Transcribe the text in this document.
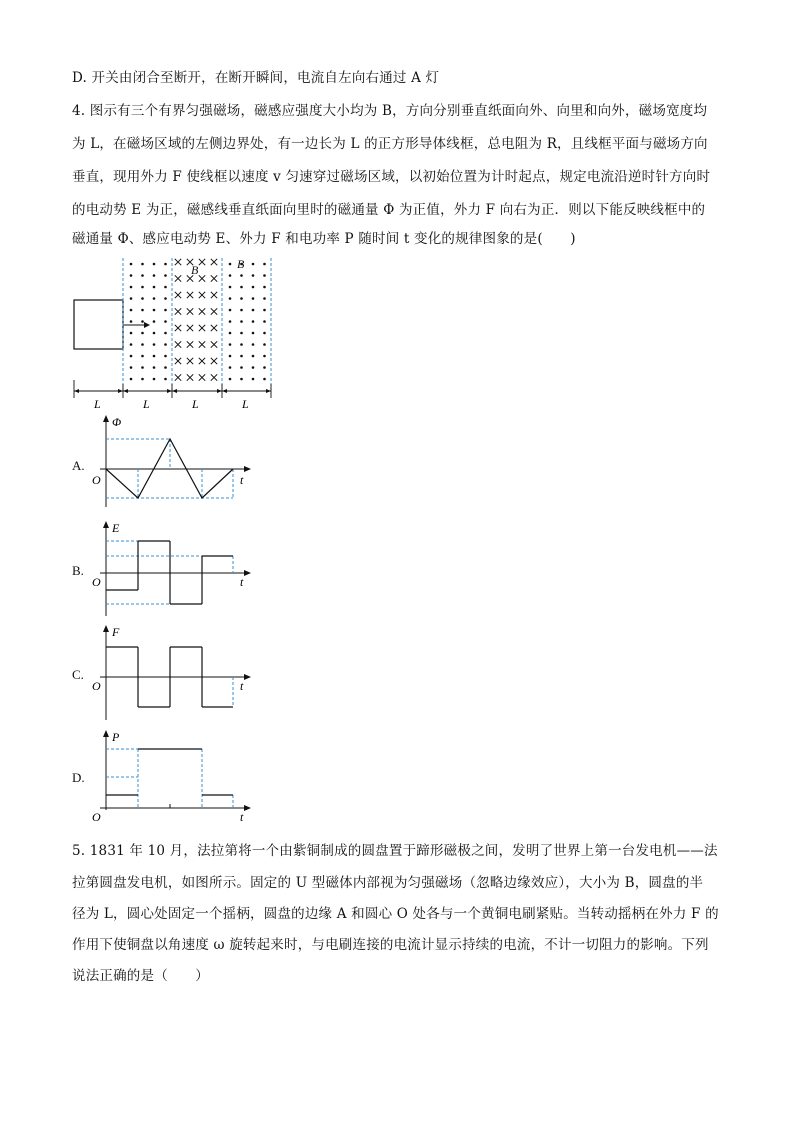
D. 开关由闭合至断开，在断开瞬间，电流自左向右通过 A 灯
4. 图示有三个有界匀强磁场，磁感应强度大小均为 B，方向分别垂直纸面向外、向里和向外，磁场宽度均
为 L，在磁场区域的左侧边界处，有一边长为 L 的正方形导体线框，总电阻为 R，且线框平面与磁场方向
垂直，现用外力 F 使线框以速度 v 匀速穿过磁场区域，以初始位置为计时起点，规定电流沿逆时针方向时
的电动势 E 为正，磁感线垂直纸面向里时的磁通量 Φ 为正值，外力 F 向右为正．则以下能反映线框中的
磁通量 Φ、感应电动势 E、外力 F 和电功率 P 随时间 t 变化的规律图象的是(　　)
B	B
L	L	L	L
A.
Φ
t
O
B.
E
t
O
C.
F
t
O
D.
P
t
O
5. 1831 年 10 月，法拉第将一个由紫铜制成的圆盘置于蹄形磁极之间，发明了世界上第一台发电机——法
拉第圆盘发电机，如图所示。固定的 U 型磁体内部视为匀强磁场（忽略边缘效应），大小为 B，圆盘的半
径为 L，圆心处固定一个摇柄，圆盘的边缘 A 和圆心 O 处各与一个黄铜电刷紧贴。当转动摇柄在外力 F 的
作用下使铜盘以角速度 ω 旋转起来时，与电刷连接的电流计显示持续的电流，不计一切阻力的影响。下列
说法正确的是（　　）
